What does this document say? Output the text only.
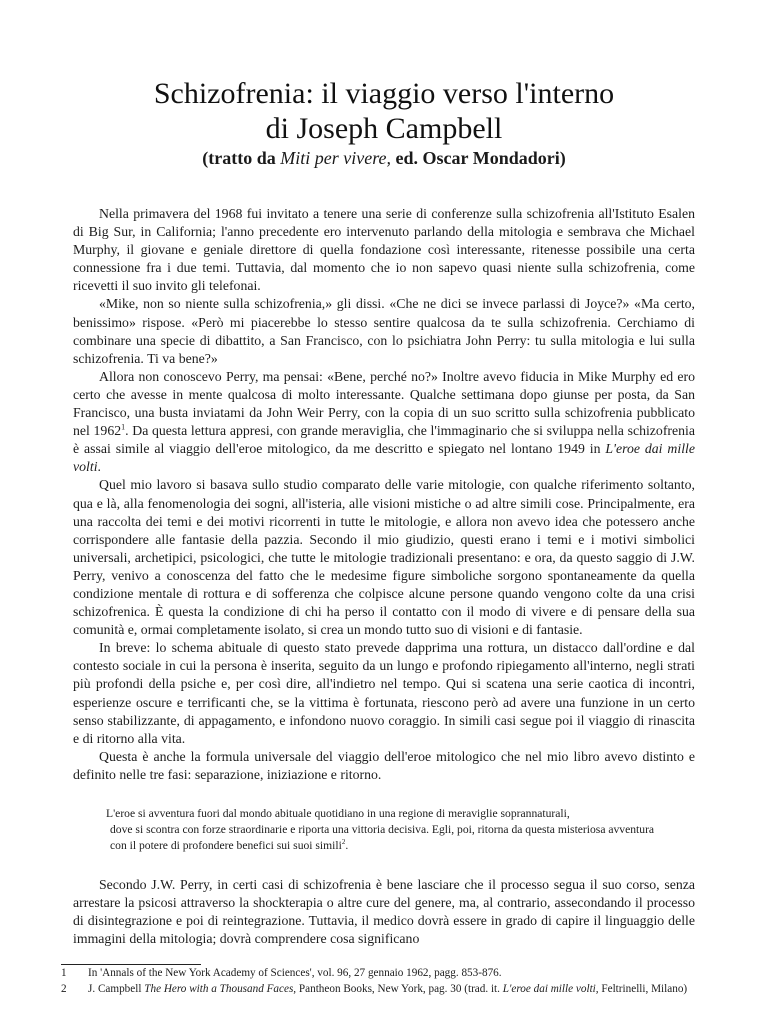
Schizofrenia: il viaggio verso l'interno
di Joseph Campbell
(tratto da Miti per vivere, ed. Oscar Mondadori)

Nella primavera del 1968 fui invitato a tenere una serie di conferenze sulla schizofrenia all'Istituto Esalen di Big Sur, in California; l'anno precedente ero intervenuto parlando della mitologia e sembrava che Michael Murphy, il giovane e geniale direttore di quella fondazione così interessante, ritenesse possibile una certa connessione fra i due temi. Tuttavia, dal momento che io non sapevo quasi niente sulla schizofrenia, come ricevetti il suo invito gli telefonai.

«Mike, non so niente sulla schizofrenia,» gli dissi. «Che ne dici se invece parlassi di Joyce?» «Ma certo, benissimo» rispose. «Però mi piacerebbe lo stesso sentire qualcosa da te sulla schizofrenia. Cerchiamo di combinare una specie di dibattito, a San Francisco, con lo psichiatra John Perry: tu sulla mitologia e lui sulla schizofrenia. Ti va bene?»

Allora non conoscevo Perry, ma pensai: «Bene, perché no?» Inoltre avevo fiducia in Mike Murphy ed ero certo che avesse in mente qualcosa di molto interessante. Qualche settimana dopo giunse per posta, da San Francisco, una busta inviatami da John Weir Perry, con la copia di un suo scritto sulla schizofrenia pubblicato nel 1962$^1$. Da questa lettura appresi, con grande meraviglia, che l'immaginario che si sviluppa nella schizofrenia è assai simile al viaggio dell'eroe mitologico, da me descritto e spiegato nel lontano 1949 in L'eroe dai mille volti.

Quel mio lavoro si basava sullo studio comparato delle varie mitologie, con qualche riferimento soltanto, qua e là, alla fenomenologia dei sogni, all'isteria, alle visioni mistiche o ad altre simili cose. Principalmente, era una raccolta dei temi e dei motivi ricorrenti in tutte le mitologie, e allora non avevo idea che potessero anche corrispondere alle fantasie della pazzia. Secondo il mio giudizio, questi erano i temi e i motivi simbolici universali, archetipici, psicologici, che tutte le mitologie tradizionali presentano: e ora, da questo saggio di J.W. Perry, venivo a conoscenza del fatto che le medesime figure simboliche sorgono spontaneamente da quella condizione mentale di rottura e di sofferenza che colpisce alcune persone quando vengono colte da una crisi schizofrenica. È questa la condizione di chi ha perso il contatto con il modo di vivere e di pensare della sua comunità e, ormai completamente isolato, si crea un mondo tutto suo di visioni e di fantasie.

In breve: lo schema abituale di questo stato prevede dapprima una rottura, un distacco dall'ordine e dal contesto sociale in cui la persona è inserita, seguito da un lungo e profondo ripiegamento all'interno, negli strati più profondi della psiche e, per così dire, all'indietro nel tempo. Qui si scatena una serie caotica di incontri, esperienze oscure e terrificanti che, se la vittima è fortunata, riescono però ad avere una funzione in un certo senso stabilizzante, di appagamento, e infondono nuovo coraggio. In simili casi segue poi il viaggio di rinascita e di ritorno alla vita.

Questa è anche la formula universale del viaggio dell'eroe mitologico che nel mio libro avevo distinto e definito nelle tre fasi: separazione, iniziazione e ritorno.

L'eroe si avventura fuori dal mondo abituale quotidiano in una regione di meraviglie soprannaturali,

dove si scontra con forze straordinarie e riporta una vittoria decisiva. Egli, poi, ritorna da questa misteriosa avventura con il potere di profondere benefici sui suoi simili$^2$.

Secondo J.W. Perry, in certi casi di schizofrenia è bene lasciare che il processo segua il suo corso, senza arrestare la psicosi attraverso la shockterapia o altre cure del genere, ma, al contrario, assecondando il processo di disintegrazione e poi di reintegrazione. Tuttavia, il medico dovrà essere in grado di capire il linguaggio delle immagini della mitologia; dovrà comprendere cosa significano

1	In 'Annals of the New York Academy of Sciences', vol. 96, 27 gennaio 1962, pagg. 853-876.
2	J. Campbell The Hero with a Thousand Faces, Pantheon Books, New York, pag. 30 (trad. it. L'eroe dai mille volti, Feltrinelli, Milano)
